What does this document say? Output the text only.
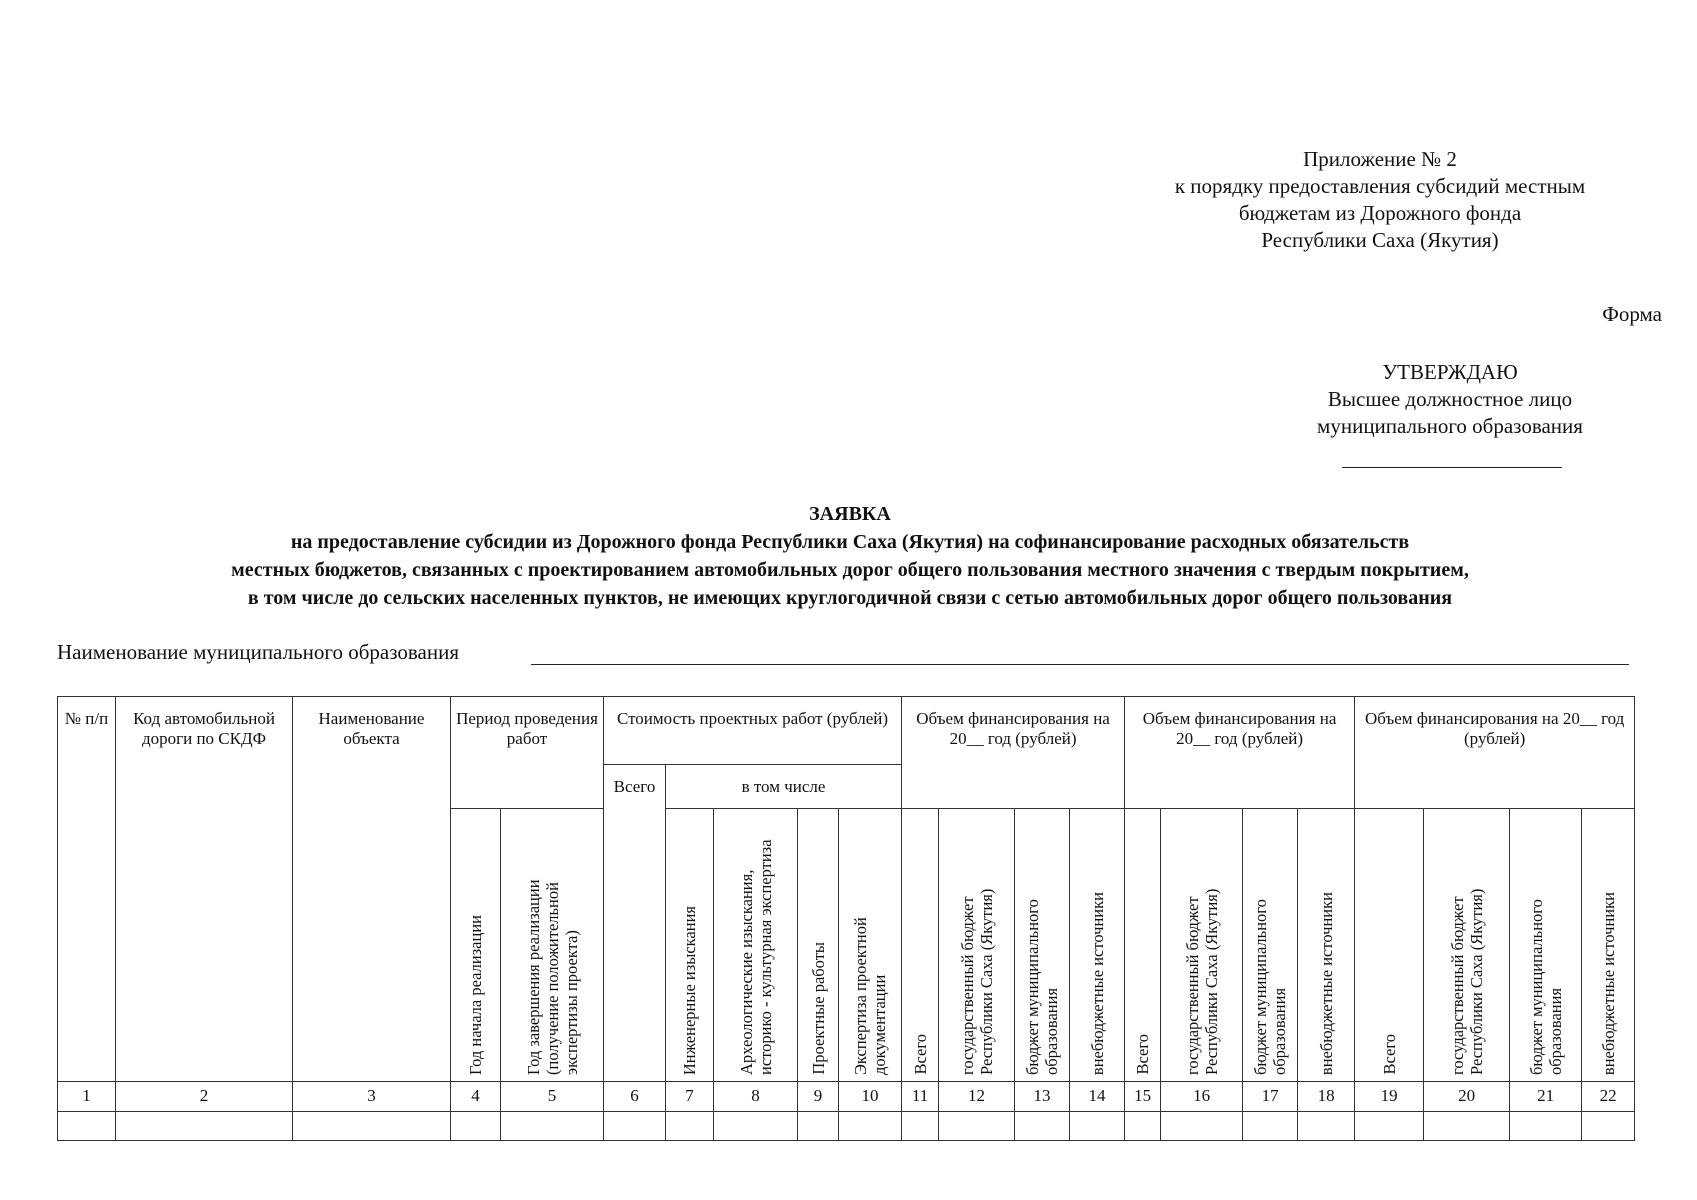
Приложение № 2
к порядку предоставления субсидий местным
бюджетам из Дорожного фонда
Республики Саха (Якутия)
Форма
УТВЕРЖДАЮ
Высшее должностное лицо
муниципального образования
ЗАЯВКА
на предоставление субсидии из Дорожного фонда Республики Саха (Якутия) на софинансирование расходных обязательств
местных бюджетов, связанных с проектированием автомобильных дорог общего пользования местного значения с твердым покрытием,
в том числе до сельских населенных пунктов, не имеющих круглогодичной связи с сетью автомобильных дорог общего пользования
Наименование муниципального образования
№ п/п	Код автомобильной дороги по СКДФ	Наименование объекта	Период проведения работ		Стоимость проектных работ (рублей)					Объем финансирования на 20__ год (рублей)				Объем финансирования на 20__ год (рублей)				Объем финансирования на 20__ год (рублей)			
					Всего	в том числе															

			Год начала реализации	Год завершения реализации (получение положительной экспертизы проекта)		Инженерные изыскания	Археологические изыскания, историко - культурная экспертиза	Проектные работы	Экспертиза проектной документации	Всего	государственный бюджет Республики Саха (Якутия)	бюджет муниципального образования	внебюджетные источники	Всего	государственный бюджет Республики Саха (Якутия)	бюджет муниципального образования	внебюджетные источники	Всего	государственный бюджет Республики Саха (Якутия)	бюджет муниципального образования	внебюджетные источники

1	2	3	4	5	6	7	8	9	10	11	12	13	14	15	16	17	18	19	20	21	22
